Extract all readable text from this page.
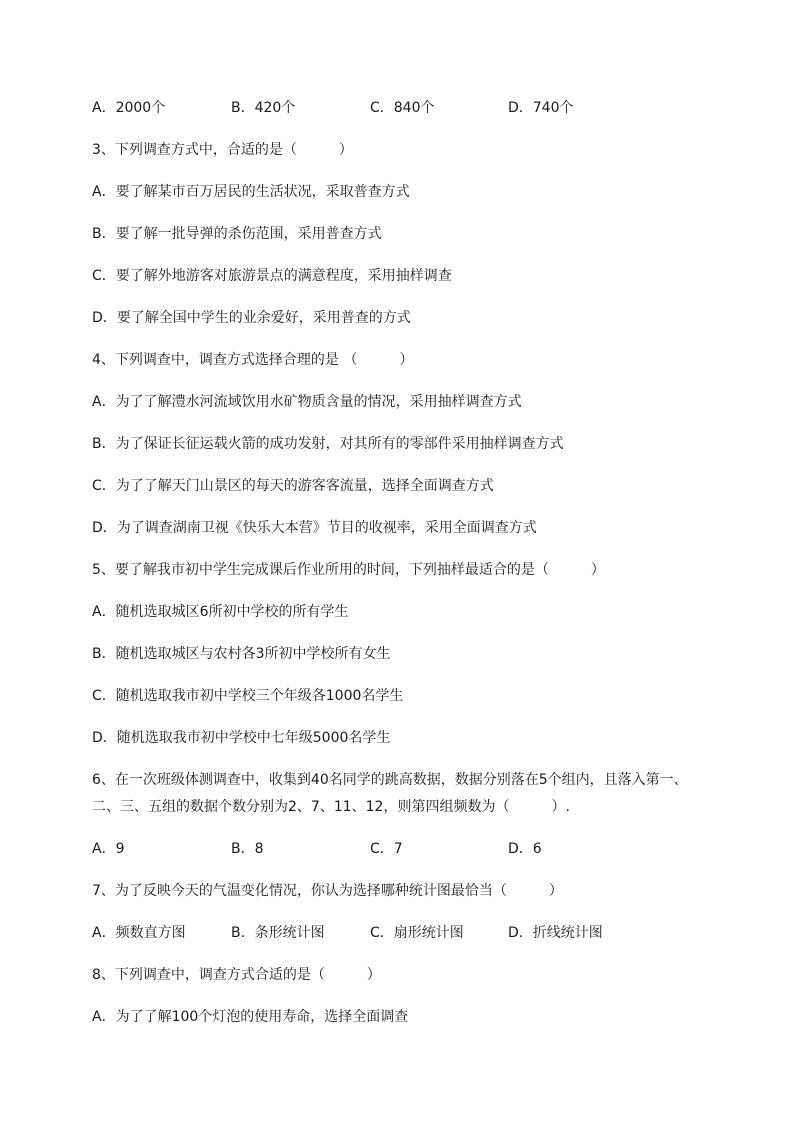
A．2000个	B．420个	C．840个	D．740个
3、下列调查方式中，合适的是（　　　）
A．要了解某市百万居民的生活状况，采取普查方式
B．要了解一批导弹的杀伤范围，采用普查方式
C．要了解外地游客对旅游景点的满意程度，采用抽样调查
D．要了解全国中学生的业余爱好，采用普查的方式
4、下列调查中，调查方式选择合理的是 （　　　）
A．为了了解澧水河流域饮用水矿物质含量的情况，采用抽样调查方式
B．为了保证长征运载火箭的成功发射，对其所有的零部件采用抽样调查方式
C．为了了解天门山景区的每天的游客客流量，选择全面调查方式
D．为了调查湖南卫视《快乐大本营》节目的收视率，采用全面调查方式
5、要了解我市初中学生完成课后作业所用的时间，下列抽样最适合的是（　　　）
A．随机选取城区6所初中学校的所有学生
B．随机选取城区与农村各3所初中学校所有女生
C．随机选取我市初中学校三个年级各1000名学生
D．随机选取我市初中学校中七年级5000名学生
6、在一次班级体测调查中，收集到40名同学的跳高数据，数据分别落在5个组内，且落入第一、
二、三、五组的数据个数分别为2、7、11、12，则第四组频数为（　　　）.
A．9	B．8	C．7	D．6
7、为了反映今天的气温变化情况，你认为选择哪种统计图最恰当（　　　）
A．频数直方图	B．条形统计图	C．扇形统计图	D．折线统计图
8、下列调查中，调查方式合适的是（　　　）
A．为了了解100个灯泡的使用寿命，选择全面调查
